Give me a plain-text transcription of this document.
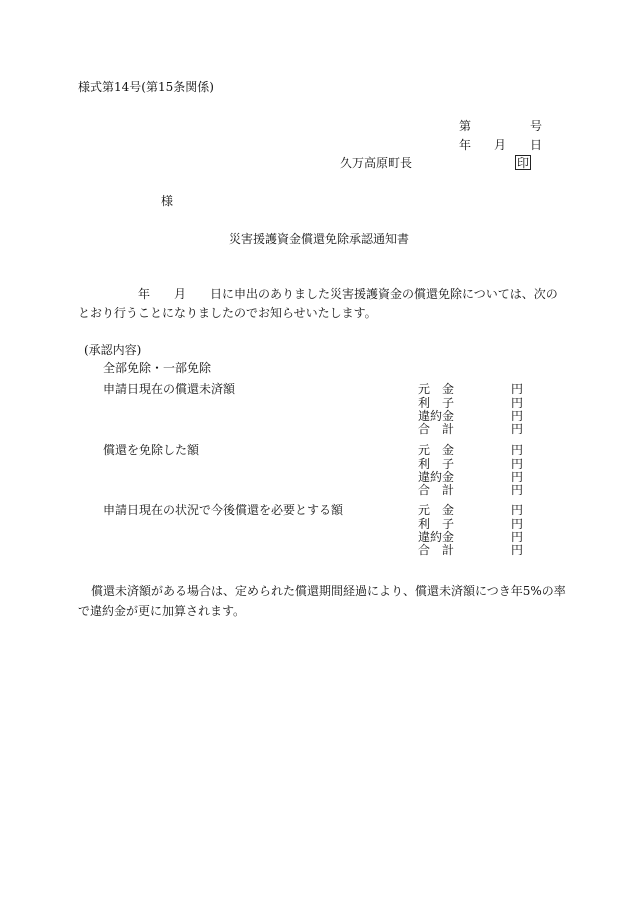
様式第14号(第15条関係)
第	号
年 月 日
久万高原町長	印
様
災害援護資金償還免除承認通知書
年 月 日に申出のありました災害援護資金の償還免除については、次の
とおり行うことになりましたのでお知らせいたします。
(承認内容)
全部免除・一部免除
申請日現在の償還未済額	元　金	円
利　子	円
違約金	円
合　計	円
償還を免除した額	元　金	円
利　子	円
違約金	円
合　計	円
申請日現在の状況で今後償還を必要とする額	元　金	円
利　子	円
違約金	円
合　計	円
償還未済額がある場合は、定められた償還期間経過により、償還未済額につき年5%の率
で違約金が更に加算されます。
